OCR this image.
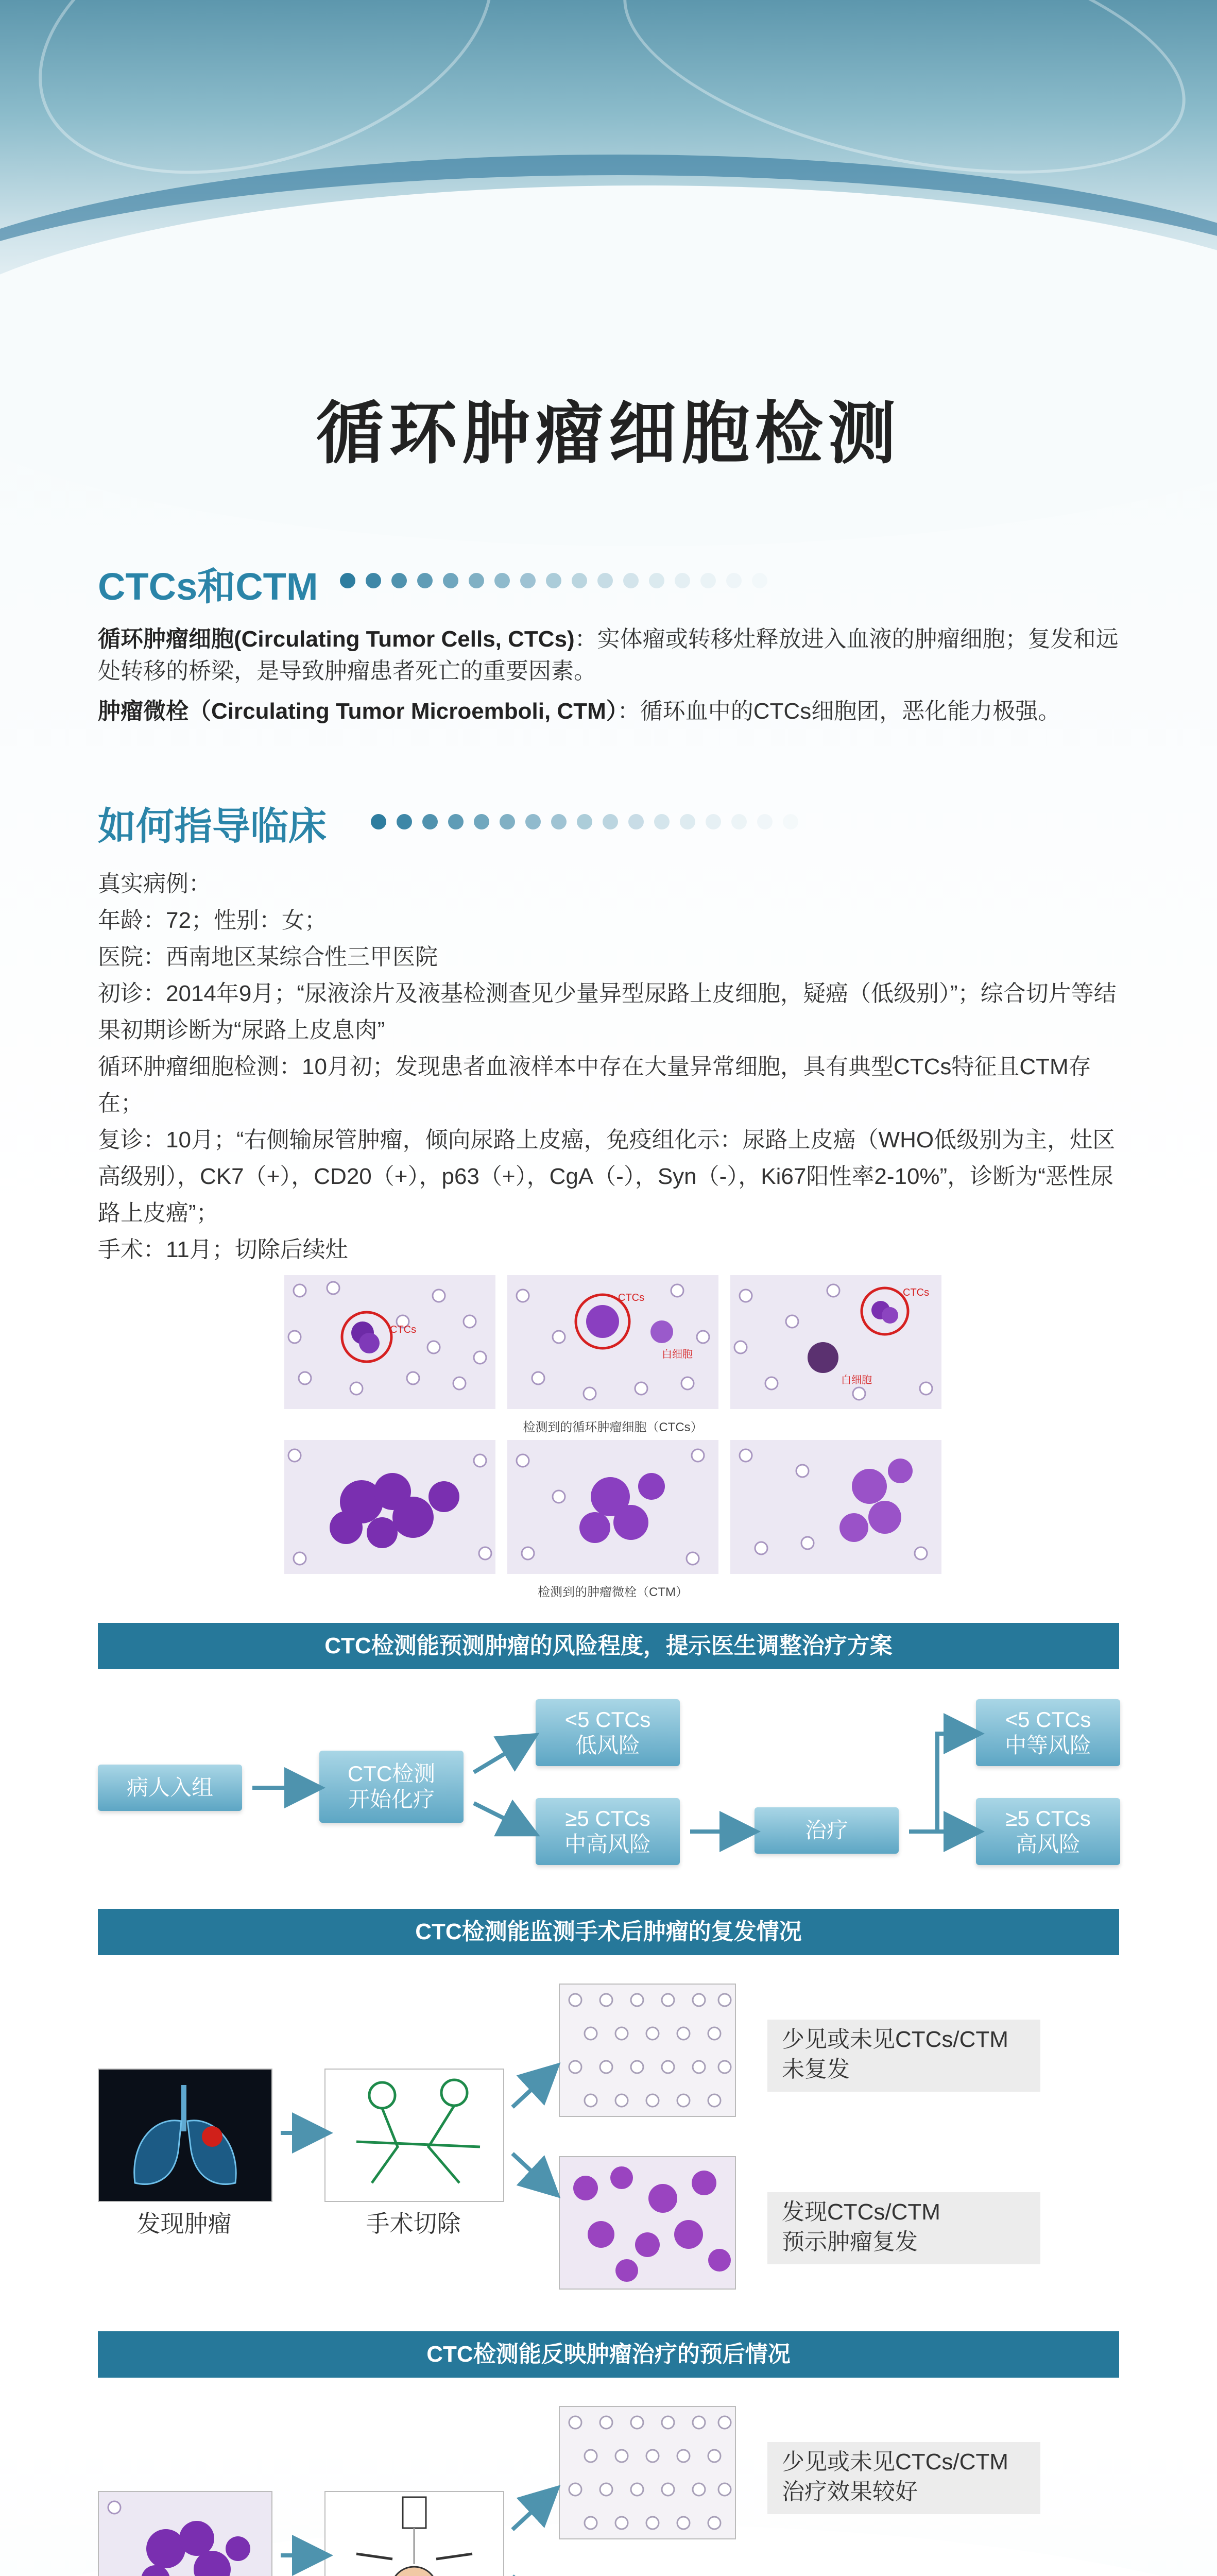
循环肿瘤细胞检测
CTCs和CTM
循环肿瘤细胞(Circulating Tumor Cells, CTCs)：实体瘤或转移灶释放进入血液的肿瘤细胞；复发和远处转移的桥梁，是导致肿瘤患者死亡的重要因素。
肿瘤微栓（Circulating Tumor Microemboli, CTM）：循环血中的CTCs细胞团，恶化能力极强。
如何指导临床
真实病例：
年龄：72；性别：女；
医院：西南地区某综合性三甲医院
初诊：2014年9月；“尿液涂片及液基检测查见少量异型尿路上皮细胞，疑癌（低级别）”；综合切片等结果初期诊断为“尿路上皮息肉”
循环肿瘤细胞检测：10月初；发现患者血液样本中存在大量异常细胞，具有典型CTCs特征且CTM存在；
复诊：10月；“右侧输尿管肿瘤，倾向尿路上皮癌，免疫组化示：尿路上皮癌（WHO低级别为主，灶区高级别），CK7（+），CD20（+），p63（+），CgA（-），Syn（-），Ki67阳性率2-10%”，诊断为“恶性尿路上皮癌”；
手术：11月；切除后续灶
CTCs
CTCs
白细胞
CTCs
白细胞
检测到的循环肿瘤细胞（CTCs）
检测到的肿瘤微栓（CTM）
CTC检测能预测肿瘤的风险程度，提示医生调整治疗方案
病人入组
CTC检测
开始化疗
<5 CTCs
低风险
≥5 CTCs
中高风险
治疗
<5 CTCs
中等风险
≥5 CTCs
高风险
CTC检测能监测手术后肿瘤的复发情况
发现肿瘤	手术切除
少见或未见CTCs/CTM
未复发
发现CTCs/CTM
预示肿瘤复发
CTC检测能反映肿瘤治疗的预后情况
少见或未见CTCs/CTM
治疗效果较好
